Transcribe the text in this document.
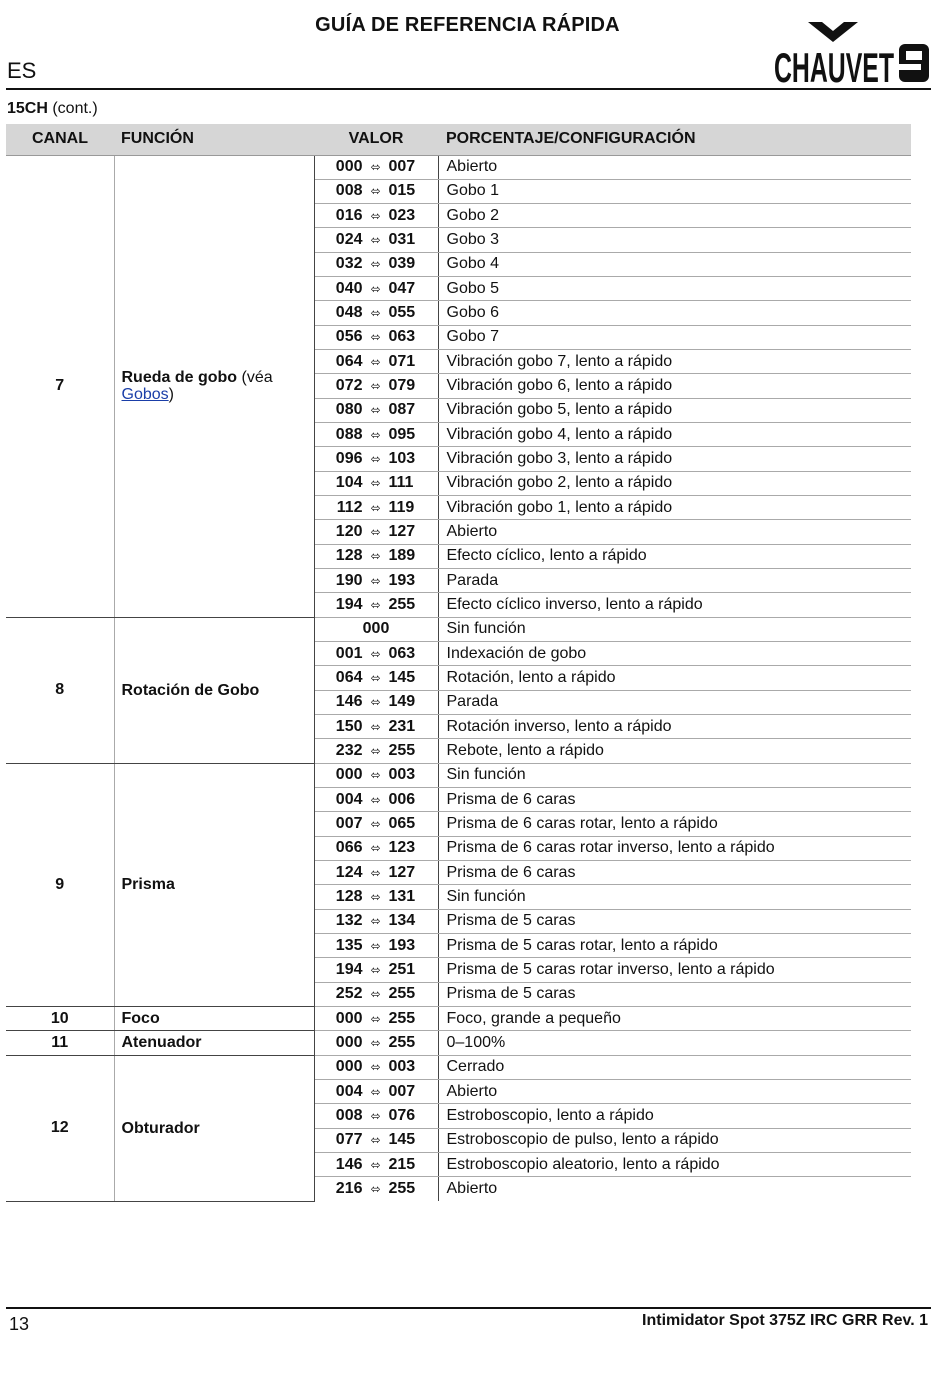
GUÍA DE REFERENCIA RÁPIDA
ES	CHAUVET
15CH (cont.)
CANAL	FUNCIÓN	VALOR	PORCENTAJE/CONFIGURACIÓN
7	Rueda de gobo (véa Gobos)	000 ⬄ 007	Abierto
		008 ⬄ 015	Gobo 1
		016 ⬄ 023	Gobo 2
		024 ⬄ 031	Gobo 3
		032 ⬄ 039	Gobo 4
		040 ⬄ 047	Gobo 5
		048 ⬄ 055	Gobo 6
		056 ⬄ 063	Gobo 7
		064 ⬄ 071	Vibración gobo 7, lento a rápido
		072 ⬄ 079	Vibración gobo 6, lento a rápido
		080 ⬄ 087	Vibración gobo 5, lento a rápido
		088 ⬄ 095	Vibración gobo 4, lento a rápido
		096 ⬄ 103	Vibración gobo 3, lento a rápido
		104 ⬄ 111	Vibración gobo 2, lento a rápido
		112 ⬄ 119	Vibración gobo 1, lento a rápido
		120 ⬄ 127	Abierto
		128 ⬄ 189	Efecto cíclico, lento a rápido
		190 ⬄ 193	Parada
		194 ⬄ 255	Efecto cíclico inverso, lento a rápido
8	Rotación de Gobo	000	Sin función
		001 ⬄ 063	Indexación de gobo
		064 ⬄ 145	Rotación, lento a rápido
		146 ⬄ 149	Parada
		150 ⬄ 231	Rotación inverso, lento a rápido
		232 ⬄ 255	Rebote, lento a rápido
9	Prisma	000 ⬄ 003	Sin función
		004 ⬄ 006	Prisma de 6 caras
		007 ⬄ 065	Prisma de 6 caras rotar, lento a rápido
		066 ⬄ 123	Prisma de 6 caras rotar inverso, lento a rápido
		124 ⬄ 127	Prisma de 6 caras
		128 ⬄ 131	Sin función
		132 ⬄ 134	Prisma de 5 caras
		135 ⬄ 193	Prisma de 5 caras rotar, lento a rápido
		194 ⬄ 251	Prisma de 5 caras rotar inverso, lento a rápido
		252 ⬄ 255	Prisma de 5 caras
10	Foco	000 ⬄ 255	Foco, grande a pequeño
11	Atenuador	000 ⬄ 255	0–100%
12	Obturador	000 ⬄ 003	Cerrado
		004 ⬄ 007	Abierto
		008 ⬄ 076	Estroboscopio, lento a rápido
		077 ⬄ 145	Estroboscopio de pulso, lento a rápido
		146 ⬄ 215	Estroboscopio aleatorio, lento a rápido
		216 ⬄ 255	Abierto
13	Intimidator Spot 375Z IRC GRR Rev. 1
